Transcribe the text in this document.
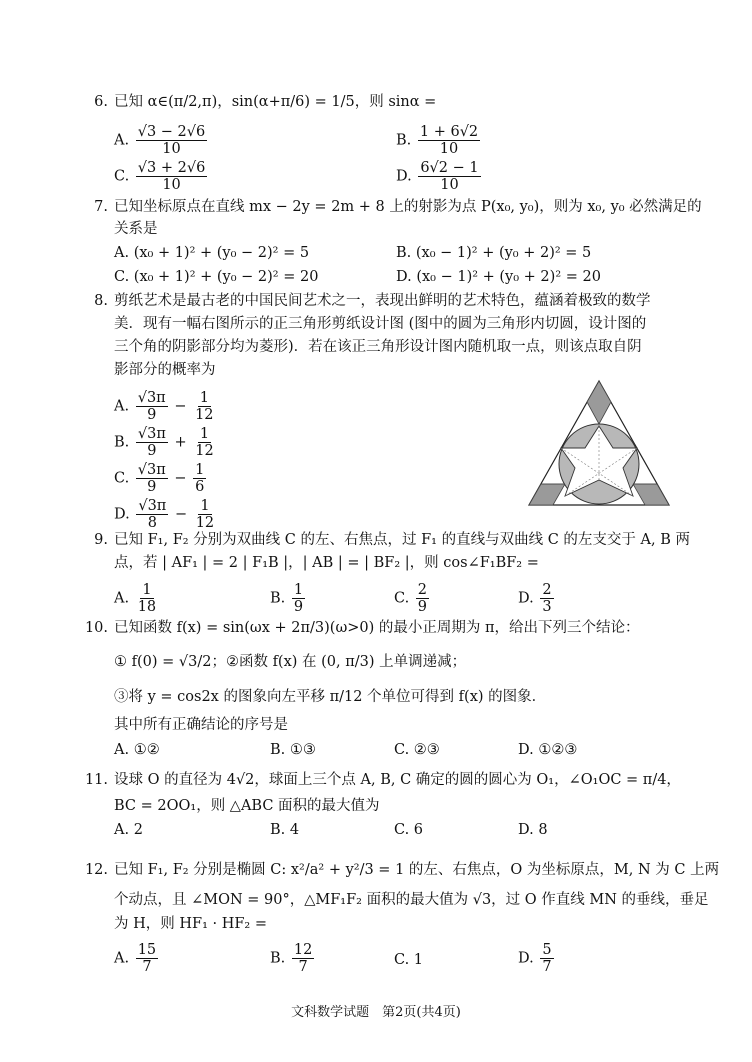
6. 已知 α∈(π/2,π)，sin(α+π/6) = 1/5，则 sinα =
A. $\frac{√3 - 2√6}{10}$	B. $\frac{1 + 6√2}{10}$
C. $\frac{√3 + 2√6}{10}$	D. $\frac{6√2 - 1}{10}$
7. 已知坐标原点在直线 mx − 2y = 2m + 8 上的射影为点 P(x₀, y₀)，则为 x₀, y₀ 必然满足的
关系是
A. (x₀ + 1)² + (y₀ − 2)² = 5	B. (x₀ − 1)² + (y₀ + 2)² = 5
C. (x₀ + 1)² + (y₀ − 2)² = 20	D. (x₀ − 1)² + (y₀ + 2)² = 20
8. 剪纸艺术是最古老的中国民间艺术之一，表现出鲜明的艺术特色，蕴涵着极致的数学
美．现有一幅右图所示的正三角形剪纸设计图 (图中的圆为三角形内切圆，设计图的
三个角的阴影部分均为菱形)．若在该正三角形设计图内随机取一点，则该点取自阴
影部分的概率为
A. $\frac{√3\pi}{9} - \frac{1}{12}$
B. $\frac{√3\pi}{9} + \frac{1}{12}$
C. $\frac{√3\pi}{9} - \frac{1}{6}$
D. $\frac{√3\pi}{8} - \frac{1}{12}$
9. 已知 F₁, F₂ 分别为双曲线 C 的左、右焦点，过 F₁ 的直线与双曲线 C 的左支交于 A, B 两
点，若 | AF₁ | = 2 | F₁B |，| AB | = | BF₂ |，则 cos∠F₁BF₂ =
A. $\frac{1}{18}$	B. $\frac{1}{9}$	C. $\frac{2}{9}$	D. $\frac{2}{3}$
10. 已知函数 f(x) = sin(ωx + 2π/3)(ω>0) 的最小正周期为 π，给出下列三个结论：
① f(0) = √3/2；②函数 f(x) 在 (0, π/3) 上单调递减；
③将 y = cos2x 的图象向左平移 π/12 个单位可得到 f(x) 的图象．
其中所有正确结论的序号是
A. ①②	B. ①③	C. ②③	D. ①②③
11. 设球 O 的直径为 4√2，球面上三个点 A, B, C 确定的圆的圆心为 O₁，∠O₁OC = π/4，
BC = 2OO₁，则 △ABC 面积的最大值为
A. 2	B. 4	C. 6	D. 8
12. 已知 F₁, F₂ 分别是椭圆 C: x²/a² + y²/3 = 1 的左、右焦点，O 为坐标原点，M, N 为 C 上两
个动点，且 ∠MON = 90°，△MF₁F₂ 面积的最大值为 √3，过 O 作直线 MN 的垂线，垂足
为 H，则 HF₁ · HF₂ =
A. $\frac{15}{7}$	B. $\frac{12}{7}$	C. 1	D. $\frac{5}{7}$
文科数学试题　第2页(共4页)
